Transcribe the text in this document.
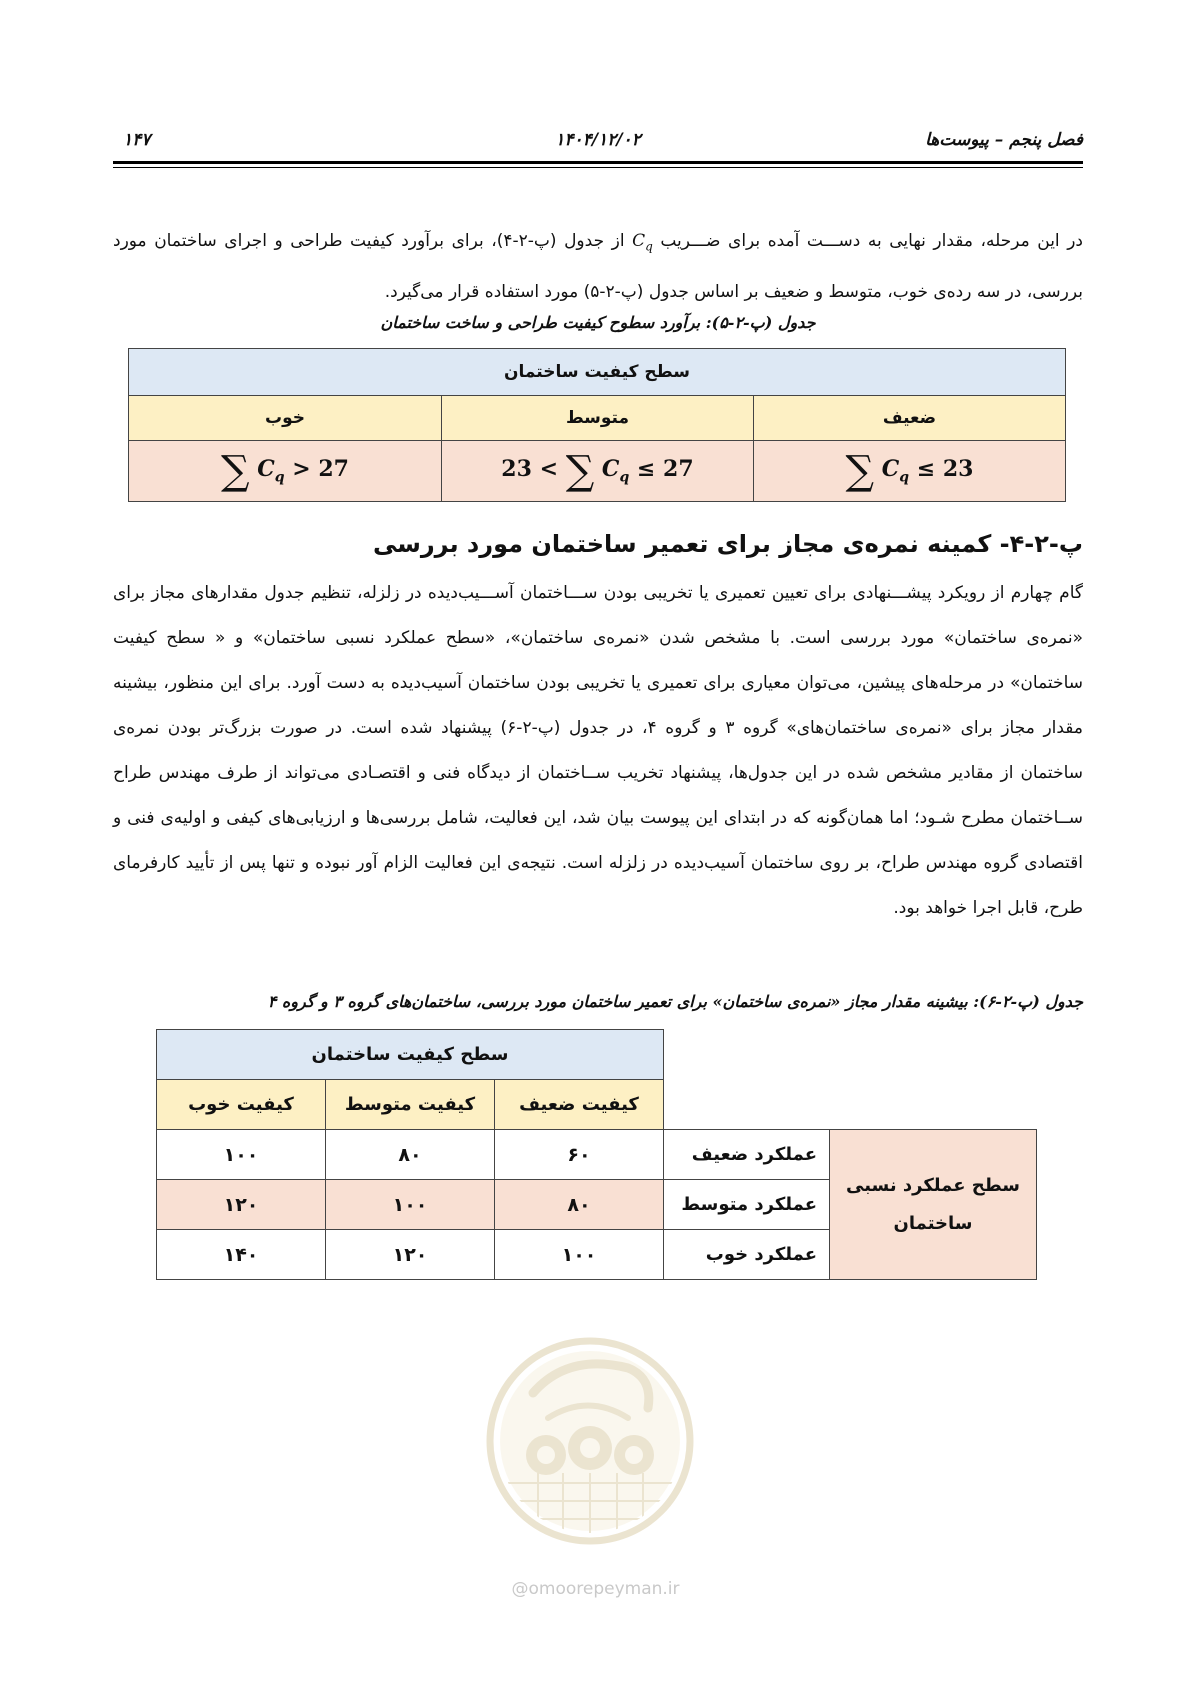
فصل پنجم – پیوست‌ها
۱۴۰۴/۱۲/۰۲
۱۴۷

در این مرحله، مقدار نهایی به دســـت آمده برای ضـــریب $C_q$ از جدول (پ-۲-۴)، برای برآورد کیفیت طراحی و اجرای ساختمان مورد بررسی، در سه رده‌ی خوب، متوسط و ضعیف بر اساس جدول (پ-۲-۵) مورد استفاده قرار می‌گیرد.

جدول (پ-۲-۵): برآورد سطوح کیفیت طراحی و ساخت ساختمان
سطح کیفیت ساختمان		
ضعیف	متوسط	خوب
∑ $C_q \le 23$	23 < ∑ $C_q \le 27$	∑ $C_q > 27$
پ-۲-۴- کمینه نمره‌ی مجاز برای تعمیر ساختمان مورد بررسی

گام چهارم از رویکرد پیشـــنهادی برای تعیین تعمیری یا تخریبی بودن ســـاختمان آســـیب‌دیده در زلزله، تنظیم جدول مقدارهای مجاز برای «نمره‌ی ساختمان» مورد بررسی است. با مشخص شدن «نمره‌ی ساختمان»، «سطح عملکرد نسبی ساختمان» و « سطح کیفیت ساختمان» در مرحله‌های پیشین، می‌توان معیاری برای تعمیری یا تخریبی بودن ساختمان آسیب‌دیده به دست آورد. برای این منظور، بیشینه مقدار مجاز برای «نمره‌ی ساختمان‌های» گروه ۳ و گروه ۴، در جدول (پ-۲-۶) پیشنهاد شده است. در صورت بزرگ‌تر بودن نمره‌ی ساختمان از مقادیر مشخص شده در این جدول‌ها، پیشنهاد تخریب ســاختمان از دیدگاه فنی و اقتصـادی می‌تواند از طرف مهندس طراح ســاختمان مطرح شـود؛ اما همان‌گونه که در ابتدای این پیوست بیان شد، این فعالیت، شامل بررسی‌ها و ارزیابی‌های کیفی و اولیه‌ی فنی و اقتصادی گروه مهندس طراح، بر روی ساختمان آسیب‌دیده در زلزله است. نتیجه‌ی این فعالیت الزام آور نبوده و تنها پس از تأیید کارفرمای طرح، قابل اجرا خواهد بود.

جدول (پ-۲-۶): بیشینه مقدار مجاز «نمره‌ی ساختمان» برای تعمیر ساختمان مورد بررسی، ساختمان‌های گروه ۳ و گروه ۴
		سطح کیفیت ساختمان		
		کیفیت ضعیف	کیفیت متوسط	کیفیت خوب
سطح عملکرد نسبی ساختمان	عملکرد ضعیف	۶۰	۸۰	۱۰۰
	عملکرد متوسط	۸۰	۱۰۰	۱۲۰
	عملکرد خوب	۱۰۰	۱۲۰	۱۴۰
@omoorepeyman.ir
